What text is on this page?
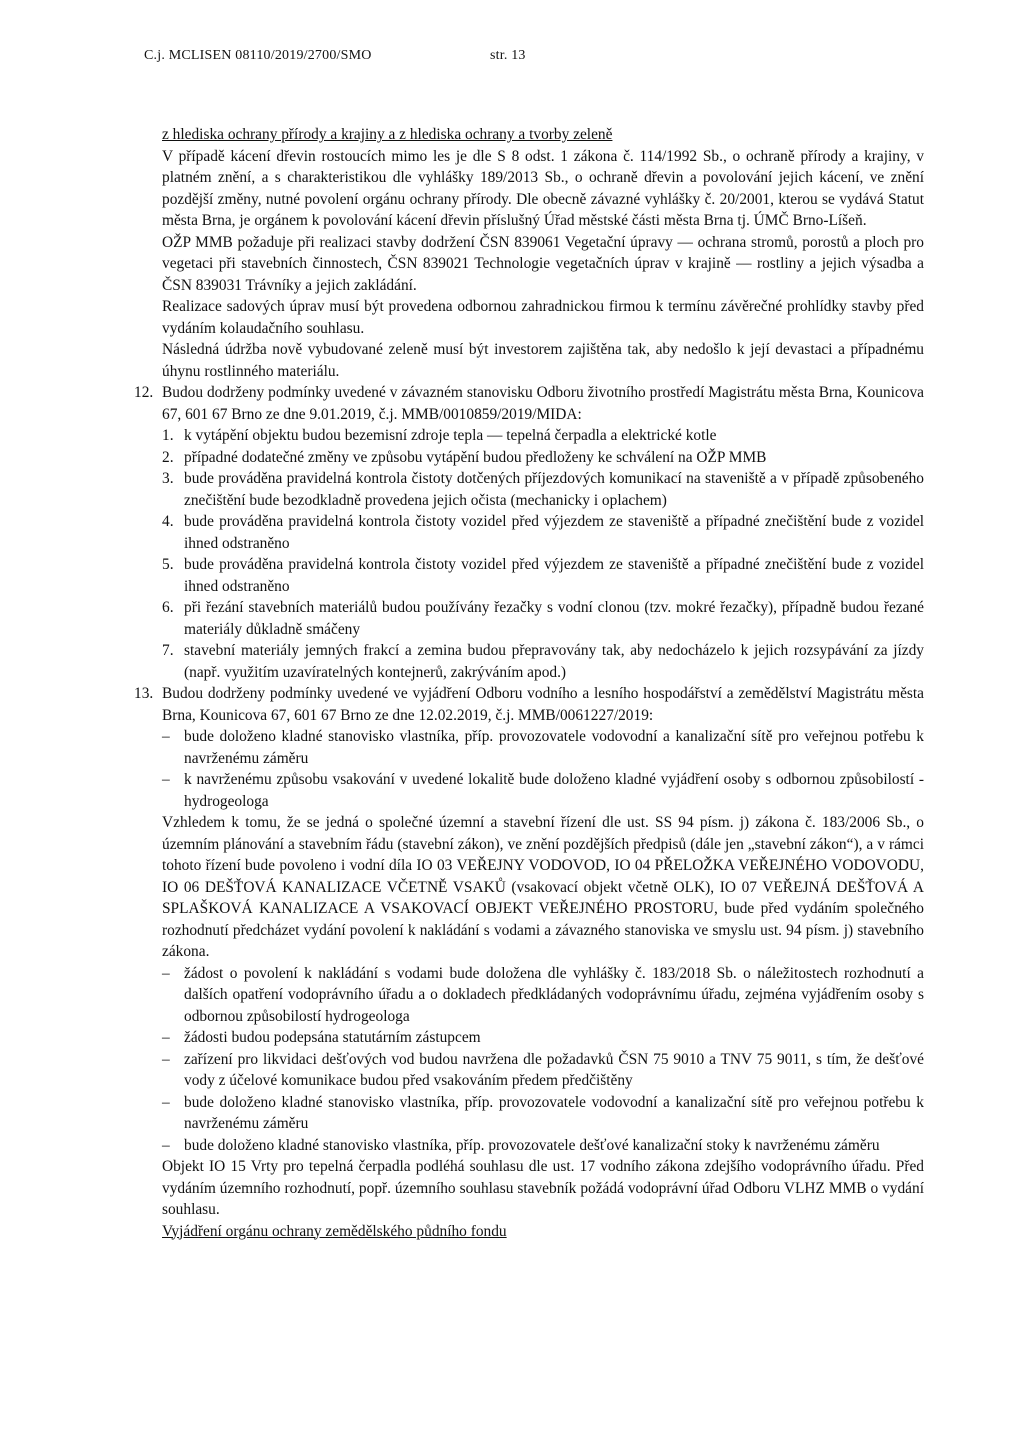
C.j. MCLISEN 08110/2019/2700/SMO	str. 13

z hlediska ochrany přírody a krajiny a z hlediska ochrany a tvorby zeleně

V případě kácení dřevin rostoucích mimo les je dle S 8 odst. 1 zákona č. 114/1992 Sb., o ochraně přírody a krajiny, v platném znění, a s charakteristikou dle vyhlášky 189/2013 Sb., o ochraně dřevin a povolování jejich kácení, ve znění pozdější změny, nutné povolení orgánu ochrany přírody. Dle obecně závazné vyhlášky č. 20/2001, kterou se vydává Statut města Brna, je orgánem k povolování kácení dřevin příslušný Úřad městské části města Brna tj. ÚMČ Brno-Líšeň.

OŽP MMB požaduje při realizaci stavby dodržení ČSN 839061 Vegetační úpravy — ochrana stromů, porostů a ploch pro vegetaci při stavebních činnostech, ČSN 839021 Technologie vegetačních úprav v krajině — rostliny a jejich výsadba a ČSN 839031 Trávníky a jejich zakládání.

Realizace sadových úprav musí být provedena odbornou zahradnickou firmou k termínu závěrečné prohlídky stavby před vydáním kolaudačního souhlasu.

Následná údržba nově vybudované zeleně musí být investorem zajištěna tak, aby nedošlo k její devastaci a případnému úhynu rostlinného materiálu.

12. Budou dodrženy podmínky uvedené v závazném stanovisku Odboru životního prostředí Magistrátu města Brna, Kounicova 67, 601 67 Brno ze dne 9.01.2019, č.j. MMB/0010859/2019/MIDA:

1. k vytápění objektu budou bezemisní zdroje tepla — tepelná čerpadla a elektrické kotle
2. případné dodatečné změny ve způsobu vytápění budou předloženy ke schválení na OŽP MMB
3. bude prováděna pravidelná kontrola čistoty dotčených příjezdových komunikací na staveniště a v případě způsobeného znečištění bude bezodkladně provedena jejich očista (mechanicky i oplachem)
4. bude prováděna pravidelná kontrola čistoty vozidel před výjezdem ze staveniště a případné znečištění bude z vozidel ihned odstraněno
5. bude prováděna pravidelná kontrola čistoty vozidel před výjezdem ze staveniště a případné znečištění bude z vozidel ihned odstraněno
6. při řezání stavebních materiálů budou používány řezačky s vodní clonou (tzv. mokré řezačky), případně budou řezané materiály důkladně smáčeny
7. stavební materiály jemných frakcí a zemina budou přepravovány tak, aby nedocházelo k jejich rozsypávání za jízdy (např. využitím uzavíratelných kontejnerů, zakrýváním apod.)
13. Budou dodrženy podmínky uvedené ve vyjádření Odboru vodního a lesního hospodářství a zemědělství Magistrátu města Brna, Kounicova 67, 601 67 Brno ze dne 12.02.2019, č.j. MMB/0061227/2019:

– bude doloženo kladné stanovisko vlastníka, příp. provozovatele vodovodní a kanalizační sítě pro veřejnou potřebu k navrženému záměru
– k navrženému způsobu vsakování v uvedené lokalitě bude doloženo kladné vyjádření osoby s odbornou způsobilostí - hydrogeologa

Vzhledem k tomu, že se jedná o společné územní a stavební řízení dle ust. SS 94 písm. j) zákona č. 183/2006 Sb., o územním plánování a stavebním řádu (stavební zákon), ve znění pozdějších předpisů (dále jen „stavební zákon“), a v rámci tohoto řízení bude povoleno i vodní díla IO 03 VEŘEJNY VODOVOD, IO 04 PŘELOŽKA VEŘEJNÉHO VODOVODU, IO 06 DEŠŤOVÁ KANALIZACE VČETNĚ VSAKŮ (vsakovací objekt včetně OLK), IO 07 VEŘEJNÁ DEŠŤOVÁ A SPLAŠKOVÁ KANALIZACE A VSAKOVACÍ OBJEKT VEŘEJNÉHO PROSTORU, bude před vydáním společného rozhodnutí předcházet vydání povolení k nakládání s vodami a závazného stanoviska ve smyslu ust. 94 písm. j) stavebního zákona.

– žádost o povolení k nakládání s vodami bude doložena dle vyhlášky č. 183/2018 Sb. o náležitostech rozhodnutí a dalších opatření vodoprávního úřadu a o dokladech předkládaných vodoprávnímu úřadu, zejména vyjádřením osoby s odbornou způsobilostí hydrogeologa
– žádosti budou podepsána statutárním zástupcem
– zařízení pro likvidaci dešťových vod budou navržena dle požadavků ČSN 75 9010 a TNV 75 9011, s tím, že dešťové vody z účelové komunikace budou před vsakováním předem předčištěny
– bude doloženo kladné stanovisko vlastníka, příp. provozovatele vodovodní a kanalizační sítě pro veřejnou potřebu k navrženému záměru
– bude doloženo kladné stanovisko vlastníka, příp. provozovatele dešťové kanalizační stoky k navrženému záměru

Objekt IO 15 Vrty pro tepelná čerpadla podléhá souhlasu dle ust. 17 vodního zákona zdejšího vodoprávního úřadu. Před vydáním územního rozhodnutí, popř. územního souhlasu stavebník požádá vodoprávní úřad Odboru VLHZ MMB o vydání souhlasu.

Vyjádření orgánu ochrany zemědělského půdního fondu
